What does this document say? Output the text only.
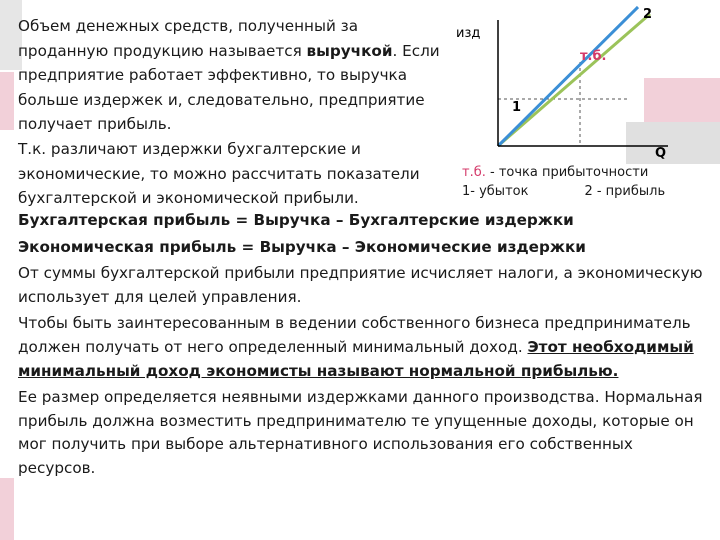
Объем денежных средств, полученный за проданную продукцию называется выручкой. Если предприятие работает эффективно, то выручка больше издержек и, следовательно, предприятие получает прибыль.

Т.к. различают издержки бухгалтерские и экономические, то можно рассчитать показатели бухгалтерской и экономической прибыли.

изд
Q
2
1
т.б.
т.б. - точка прибыточности
1- убыток	2 - прибыль

Бухгалтерская прибыль = Выручка – Бухгалтерские издержки

Экономическая прибыль = Выручка – Экономические издержки

От суммы бухгалтерской прибыли предприятие исчисляет налоги, а экономическую использует для целей управления.

Чтобы быть заинтересованным в ведении собственного бизнеса предприниматель должен получать от него определенный минимальный доход. Этот необходимый минимальный доход экономисты называют нормальной прибылью.

Ее размер определяется неявными издержками данного производства. Нормальная прибыль должна возместить предпринимателю те упущенные доходы, которые он мог получить при выборе альтернативного использования его собственных ресурсов.
